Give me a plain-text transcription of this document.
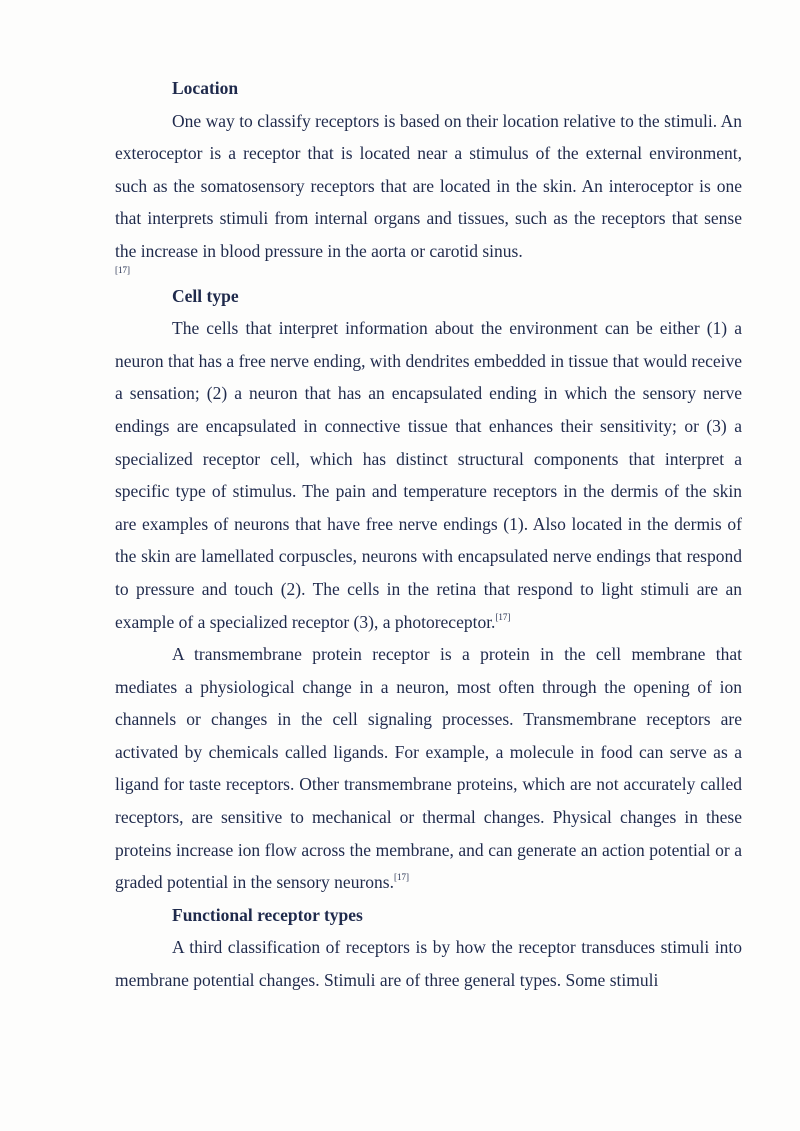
Location

One way to classify receptors is based on their location relative to the stimuli. An exteroceptor is a receptor that is located near a stimulus of the external environment, such as the somatosensory receptors that are located in the skin. An interoceptor is one that interprets stimuli from internal organs and tissues, such as the receptors that sense the increase in blood pressure in the aorta or carotid sinus.

[17]
Cell type

The cells that interpret information about the environment can be either (1) a neuron that has a free nerve ending, with dendrites embedded in tissue that would receive a sensation; (2) a neuron that has an encapsulated ending in which the sensory nerve endings are encapsulated in connective tissue that enhances their sensitivity; or (3) a specialized receptor cell, which has distinct structural components that interpret a specific type of stimulus. The pain and temperature receptors in the dermis of the skin are examples of neurons that have free nerve endings (1). Also located in the dermis of the skin are lamellated corpuscles, neurons with encapsulated nerve endings that respond to pressure and touch (2). The cells in the retina that respond to light stimuli are an example of a specialized receptor (3), a photoreceptor.[17]

A transmembrane protein receptor is a protein in the cell membrane that mediates a physiological change in a neuron, most often through the opening of ion channels or changes in the cell signaling processes. Transmembrane receptors are activated by chemicals called ligands. For example, a molecule in food can serve as a ligand for taste receptors. Other transmembrane proteins, which are not accurately called receptors, are sensitive to mechanical or thermal changes. Physical changes in these proteins increase ion flow across the membrane, and can generate an action potential or a graded potential in the sensory neurons.[17]

Functional receptor types

A third classification of receptors is by how the receptor transduces stimuli into membrane potential changes. Stimuli are of three general types. Some stimuli
